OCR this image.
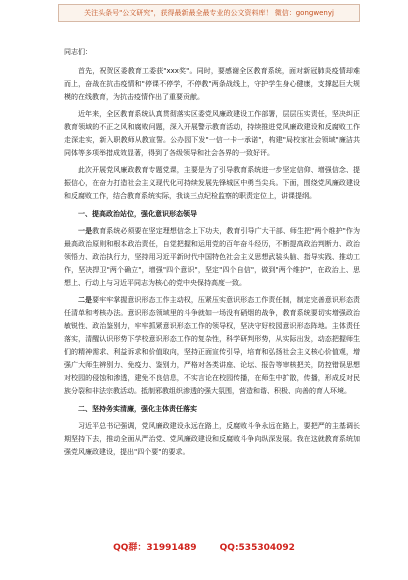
关注头条号"公文研究"，获得最新最全最专业的公文资料库！ 微信：gongwenyj

同志们：

首先，祝贺区委教育工委获"xxx奖"。同时，要感谢全区教育系统，面对新冠肺炎疫情却难而上，奋战在抗击疫情和"停课不停学，不停教"两条战线上，守护学生身心健康，支撑起巨大规模的在线教育，为抗击疫情作出了重要贡献。

近年来，全区教育系统认真贯彻落实区委党风廉政建设工作部署，层层压实责任，坚决纠正教育领域的不正之风和腐败问题，深入开展警示教育活动，持续推进党风廉政建设和反腐败工作走深走实，新入职教师从教宣誓。公办园下发"一信一卡一承诺"，构建"局校家社会领域"廉洁共同体等多项举措成效显著，得到了各级领导和社会各界的一致好评。

此次开展党风廉政教育专题党课，主要是为了引导教育系统进一步坚定信仰、增强信念、提振信心，在奋力打造社会主义现代化可持续发展先锋城区中勇当尖兵。下面，围绕党风廉政建设和反腐败工作，结合教育系统实际，我谈三点纪检监察的职责定位上，讲课提纲。

一、提高政治站位，强化意识形态领导

一是教育系统必须要在坚定理想信念上下功夫，教育引导广大干部、师生把"两个维护"作为最高政治原则和根本政治责任，自觉把握和运用党的百年奋斗经历，不断提高政治判断力、政治领悟力、政治执行力，坚持用习近平新时代中国特色社会主义思想武装头脑、指导实践、推动工作，坚决捍卫"两个确立"，增强"四个意识"，坚定"四个自信"，做到"两个维护"，在政治上、思想上、行动上与习近平同志为核心的党中央保持高度一致。

二是要牢牢掌握意识形态工作主动权，压紧压实意识形态工作责任制，制定完善意识形态责任清单和考核办法。意识形态领域里的斗争就如一场没有硝烟的战争，教育系统要切实增强政治敏锐性、政治鉴别力，牢牢抓紧意识形态工作的领导权，坚决守好校园意识形态阵地。主体责任落实，清醒认识形势下学校意识形态工作的复杂性，科学研判形势，从实际出发，动态把握师生们的精神需求、利益诉求和价值取向，坚持正面宣传引导，培育和弘扬社会主义核心价值观，增强广大师生辨别力、免疫力、鉴别力，严格对各类讲座、论坛、报告等审核把关，防控错误思想对校园的侵蚀和渗透，建免不良信息，不实言论在校园传播，在师生中扩散，传播，形成反对民族分裂和非法宗教活动。抵制邪教组织渗透的强大氛围，营造和谐、积极、向善的育人环境。

二、坚持务实清廉，强化主体责任落实

习近平总书记强调，党风廉政建设永远在路上，反腐败斗争永远在路上，要把严的主基调长期坚持下去，推动全面从严治党、党风廉政建设和反腐败斗争向纵深发展。我在这就教育系统加强党风廉政建设，提出"四个要"的要求。

QQ群：31991489	QQ:535304092
